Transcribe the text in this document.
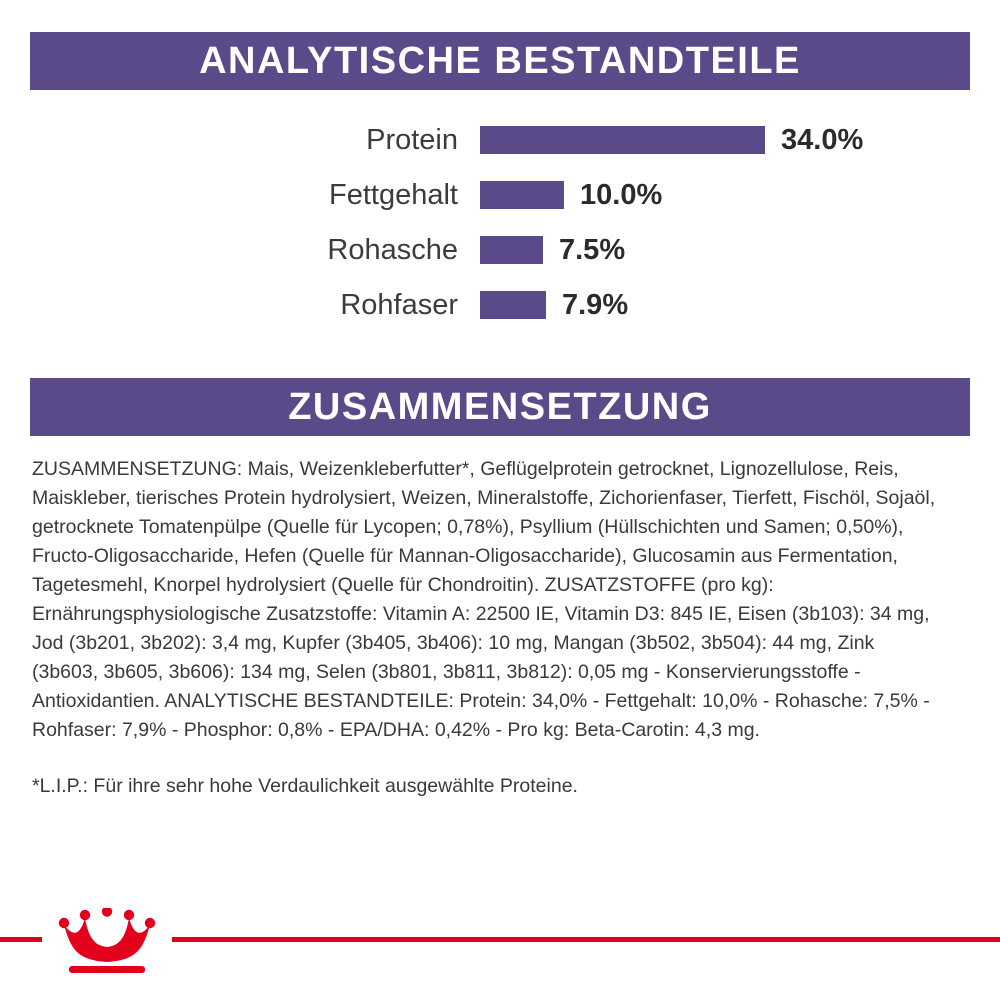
ANALYTISCHE BESTANDTEILE
Protein	34.0%
Fettgehalt	10.0%
Rohasche	7.5%
Rohfaser	7.9%
ZUSAMMENSETZUNG

ZUSAMMENSETZUNG: Mais, Weizenkleberfutter*, Geflügelprotein getrocknet, Lignozellulose, Reis, Maiskleber, tierisches Protein hydrolysiert, Weizen, Mineralstoffe, Zichorienfaser, Tierfett, Fischöl, Sojaöl, getrocknete Tomatenpülpe (Quelle für Lycopen; 0,78%), Psyllium (Hüllschichten und Samen; 0,50%), Fructo-Oligosaccharide, Hefen (Quelle für Mannan-Oligosaccharide), Glucosamin aus Fermentation, Tagetesmehl, Knorpel hydrolysiert (Quelle für Chondroitin). ZUSATZSTOFFE (pro kg): Ernährungsphysiologische Zusatzstoffe: Vitamin A: 22500 IE, Vitamin D3: 845 IE, Eisen (3b103): 34 mg, Jod (3b201, 3b202): 3,4 mg, Kupfer (3b405, 3b406): 10 mg, Mangan (3b502, 3b504): 44 mg, Zink (3b603, 3b605, 3b606): 134 mg, Selen (3b801, 3b811, 3b812): 0,05 mg - Konservierungsstoffe - Antioxidantien. ANALYTISCHE BESTANDTEILE: Protein: 34,0% - Fettgehalt: 10,0% - Rohasche: 7,5% - Rohfaser: 7,9% - Phosphor: 0,8% - EPA/DHA: 0,42% - Pro kg: Beta-Carotin: 4,3 mg.

*L.I.P.: Für ihre sehr hohe Verdaulichkeit ausgewählte Proteine.
